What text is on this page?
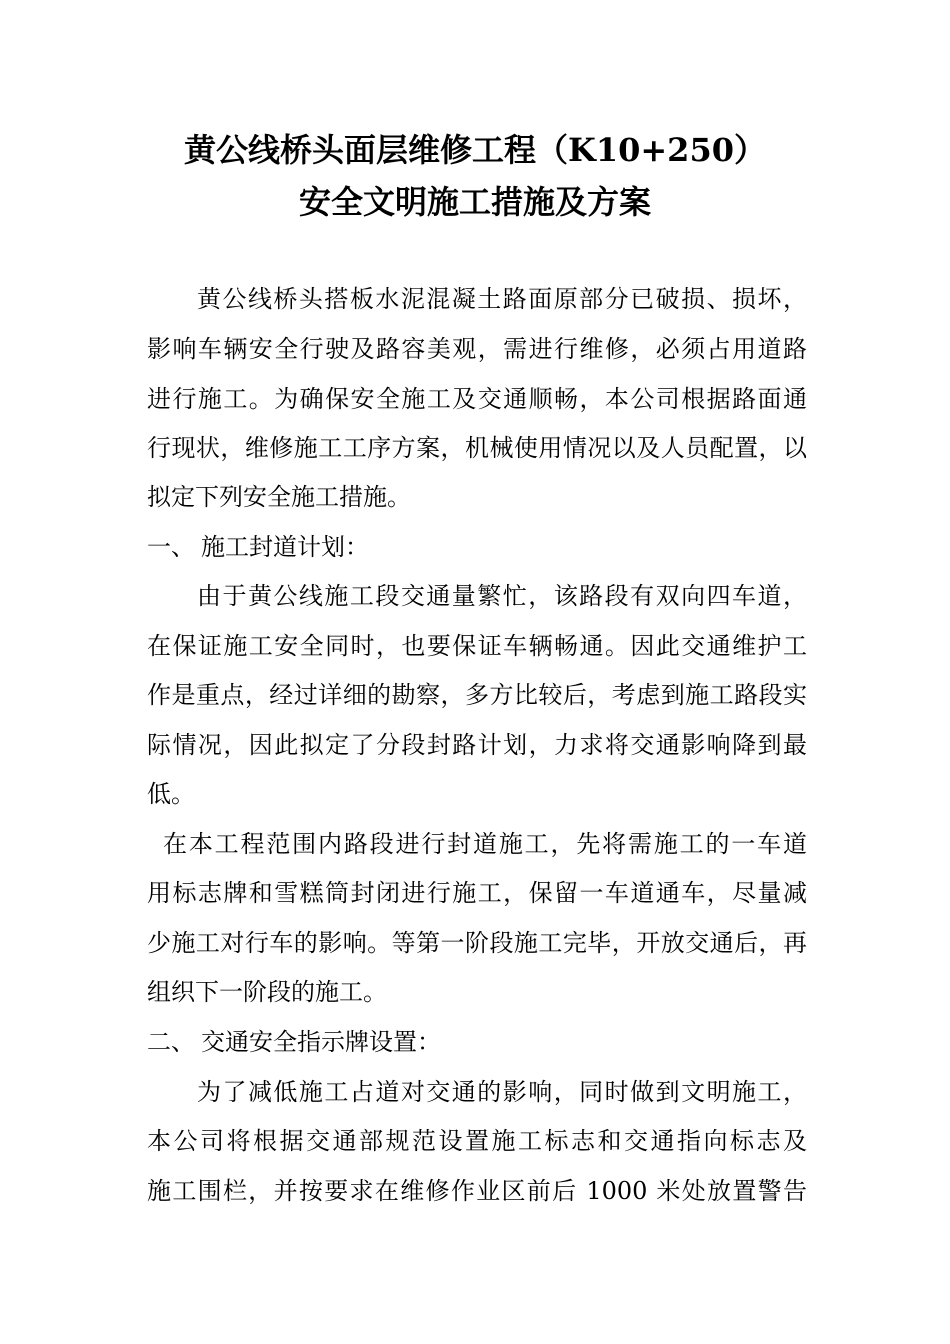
黄公线桥头面层维修工程（K10+250）
安全文明施工措施及方案
黄公线桥头搭板水泥混凝土路面原部分已破损、损坏，
影响车辆安全行驶及路容美观，需进行维修，必须占用道路
进行施工。为确保安全施工及交通顺畅，本公司根据路面通
行现状，维修施工工序方案，机械使用情况以及人员配置，以
拟定下列安全施工措施。
一、 施工封道计划：
由于黄公线施工段交通量繁忙，该路段有双向四车道，
在保证施工安全同时，也要保证车辆畅通。因此交通维护工
作是重点，经过详细的勘察，多方比较后，考虑到施工路段实
际情况，因此拟定了分段封路计划，力求将交通影响降到最
低。
在本工程范围内路段进行封道施工，先将需施工的一车道
用标志牌和雪糕筒封闭进行施工，保留一车道通车，尽量减
少施工对行车的影响。等第一阶段施工完毕，开放交通后，再
组织下一阶段的施工。
二、 交通安全指示牌设置：
为了减低施工占道对交通的影响，同时做到文明施工，
本公司将根据交通部规范设置施工标志和交通指向标志及
施工围栏，并按要求在维修作业区前后 1000 米处放置警告
